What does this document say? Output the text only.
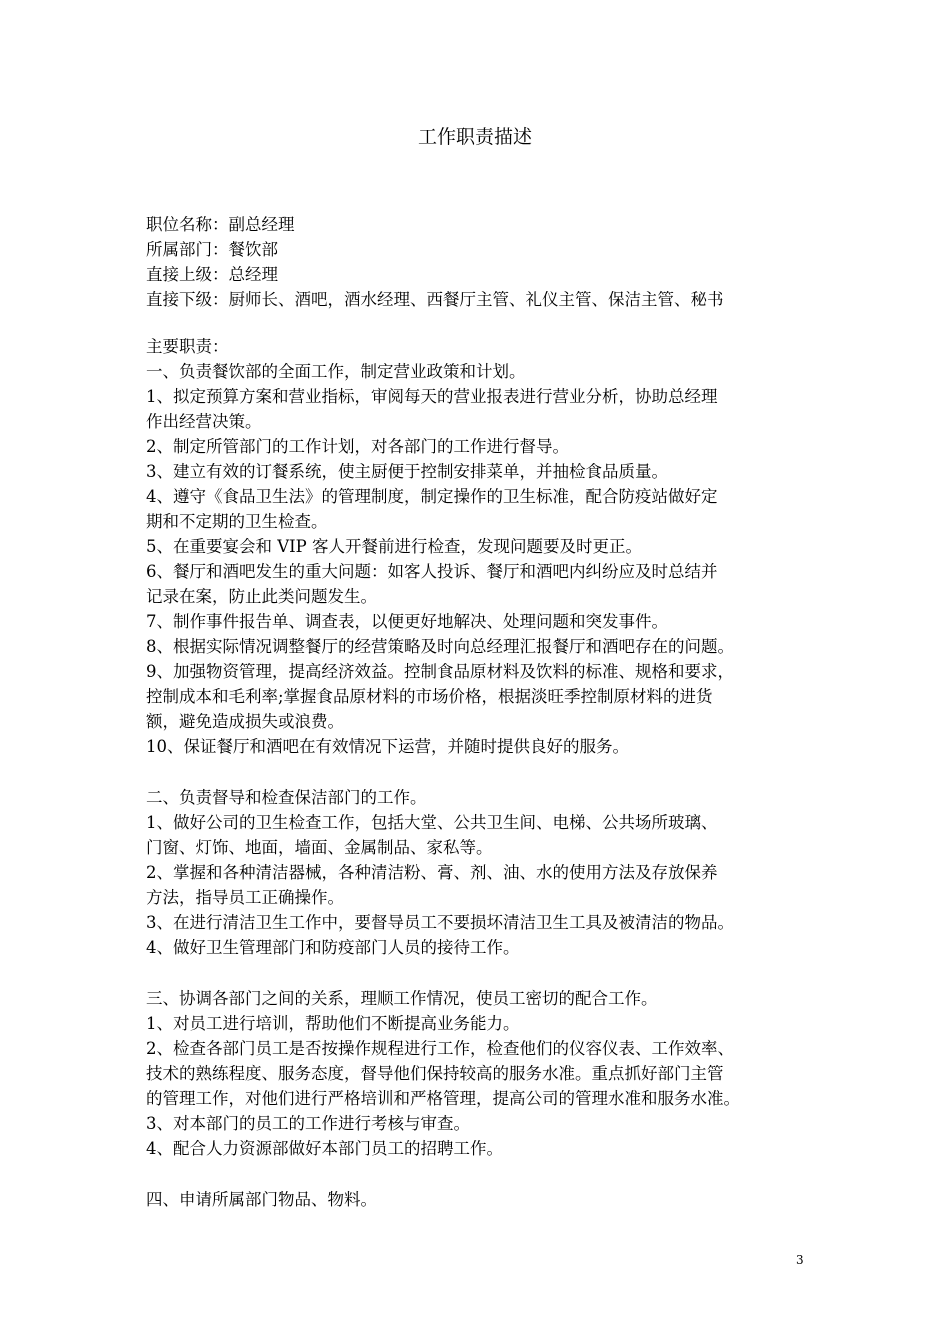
工作职责描述
职位名称：副总经理
所属部门：餐饮部
直接上级：总经理
直接下级：厨师长、酒吧，酒水经理、西餐厅主管、礼仪主管、保洁主管、秘书
主要职责：
一、负责餐饮部的全面工作，制定营业政策和计划。
1、拟定预算方案和营业指标，审阅每天的营业报表进行营业分析，协助总经理
作出经营决策。
2、制定所管部门的工作计划，对各部门的工作进行督导。
3、建立有效的订餐系统，使主厨便于控制安排菜单，并抽检食品质量。
4、遵守《食品卫生法》的管理制度，制定操作的卫生标准，配合防疫站做好定
期和不定期的卫生检查。
5、在重要宴会和 VIP 客人开餐前进行检查，发现问题要及时更正。
6、餐厅和酒吧发生的重大问题：如客人投诉、餐厅和酒吧内纠纷应及时总结并
记录在案，防止此类问题发生。
7、制作事件报告单、调查表，以便更好地解决、处理问题和突发事件。
8、根据实际情况调整餐厅的经营策略及时向总经理汇报餐厅和酒吧存在的问题。
9、加强物资管理，提高经济效益。控制食品原材料及饮料的标准、规格和要求，
控制成本和毛利率;掌握食品原材料的市场价格，根据淡旺季控制原材料的进货
额，避免造成损失或浪费。
10、保证餐厅和酒吧在有效情况下运营，并随时提供良好的服务。
二、负责督导和检查保洁部门的工作。
1、做好公司的卫生检查工作，包括大堂、公共卫生间、电梯、公共场所玻璃、
门窗、灯饰、地面，墙面、金属制品、家私等。
2、掌握和各种清洁器械，各种清洁粉、膏、剂、油、水的使用方法及存放保养
方法，指导员工正确操作。
3、在进行清洁卫生工作中，要督导员工不要损坏清洁卫生工具及被清洁的物品。
4、做好卫生管理部门和防疫部门人员的接待工作。
三、协调各部门之间的关系，理顺工作情况，使员工密切的配合工作。
1、对员工进行培训，帮助他们不断提高业务能力。
2、检查各部门员工是否按操作规程进行工作，检查他们的仪容仪表、工作效率、
技术的熟练程度、服务态度，督导他们保持较高的服务水准。重点抓好部门主管
的管理工作，对他们进行严格培训和严格管理，提高公司的管理水准和服务水准。
3、对本部门的员工的工作进行考核与审查。
4、配合人力资源部做好本部门员工的招聘工作。
四、申请所属部门物品、物料。
3
